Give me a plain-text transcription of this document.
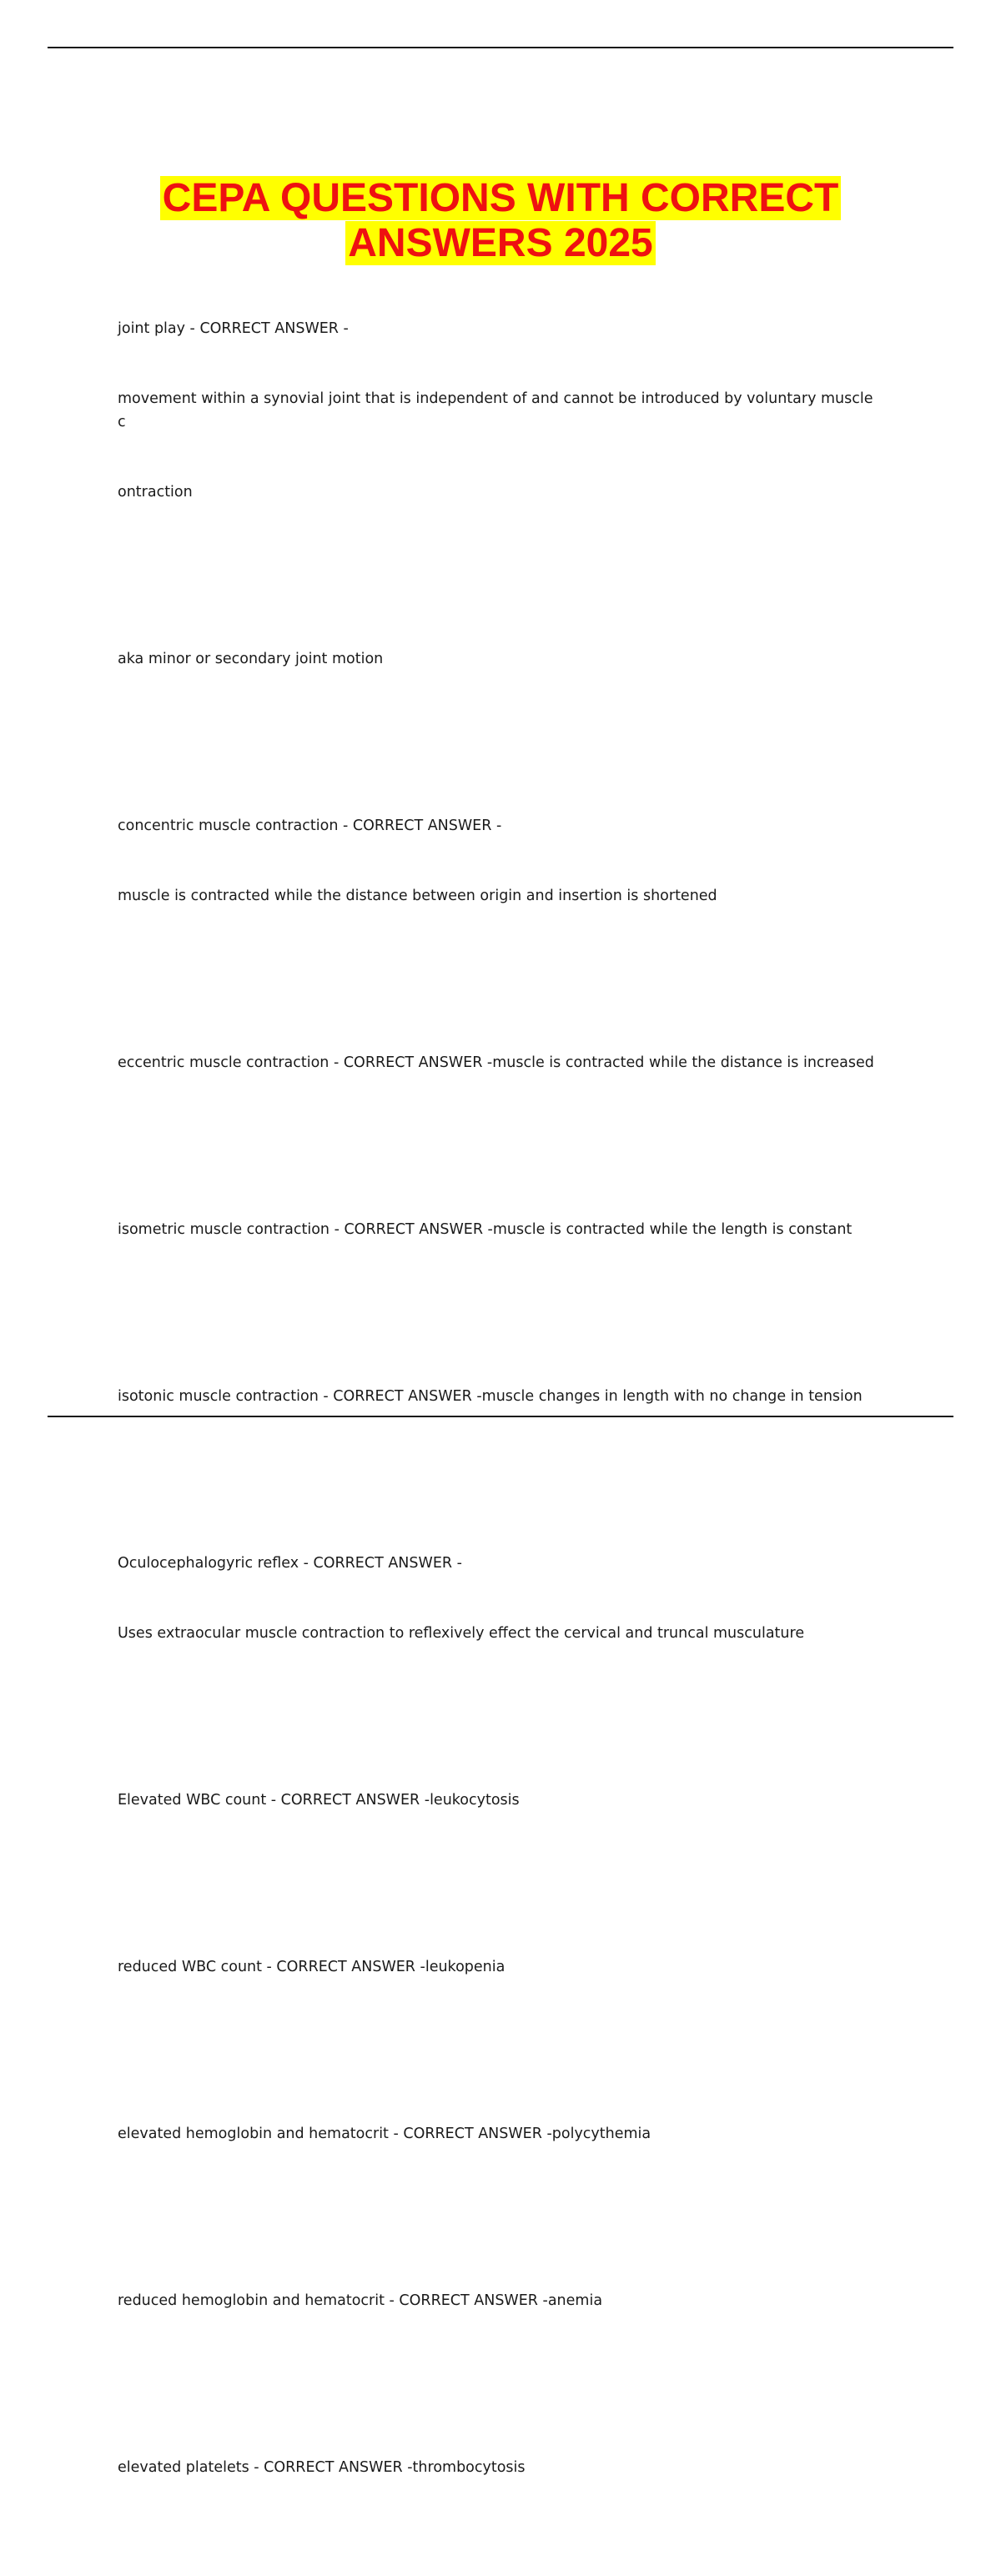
CEPA QUESTIONS WITH CORRECT
ANSWERS 2025

joint play - CORRECT ANSWER -

movement within a synovial joint that is independent of and cannot be introduced by voluntary muscle c

ontraction

aka minor or secondary joint motion

concentric muscle contraction - CORRECT ANSWER -

muscle is contracted while the distance between origin and insertion is shortened

eccentric muscle contraction - CORRECT ANSWER -muscle is contracted while the distance is increased

isometric muscle contraction - CORRECT ANSWER -muscle is contracted while the length is constant

isotonic muscle contraction - CORRECT ANSWER -muscle changes in length with no change in tension

Oculocephalogyric reflex - CORRECT ANSWER -

Uses extraocular muscle contraction to reflexively effect the cervical and truncal musculature

Elevated WBC count - CORRECT ANSWER -leukocytosis

reduced WBC count - CORRECT ANSWER -leukopenia

elevated hemoglobin and hematocrit - CORRECT ANSWER -polycythemia

reduced hemoglobin and hematocrit - CORRECT ANSWER -anemia

elevated platelets - CORRECT ANSWER -thrombocytosis
